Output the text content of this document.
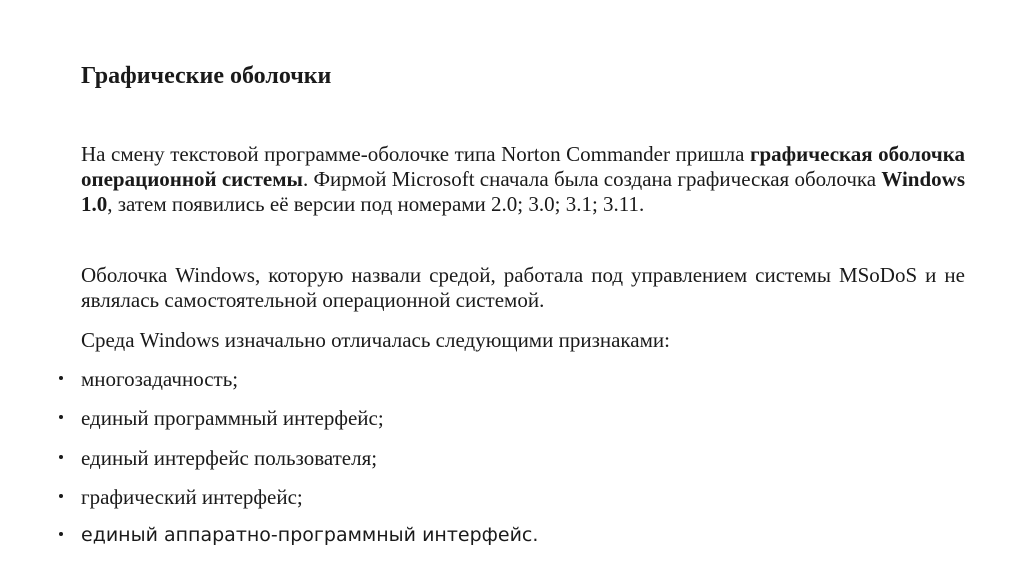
Графические оболочки

На смену текстовой программе-оболочке типа Norton Commander пришла графическая оболочка операционной системы. Фирмой Microsoft сначала была создана графическая оболочка Windows 1.0, затем появились её версии под номерами 2.0; 3.0; 3.1; 3.11.

Оболочка Windows, которую назвали средой, работала под управлением системы MSoDoS и не являлась самостоятельной операционной системой.

Среда Windows изначально отличалась следующими признаками:

многозадачность;
единый программный интерфейс;
единый интерфейс пользователя;
графический интерфейс;
единый аппаратно-программный интерфейс.
